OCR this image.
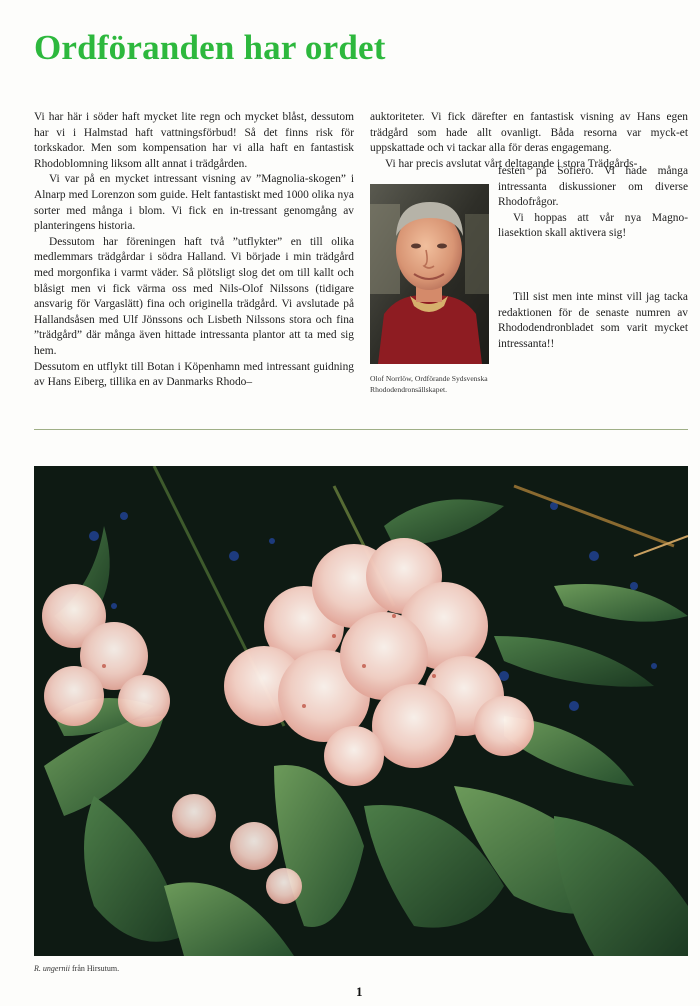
Ordföranden har ordet

Vi har här i söder haft mycket lite regn och mycket blåst, dessutom har vi i Halmstad haft vattningsförbud! Så det finns risk för torkskador. Men som kompensation har vi alla haft en fantastisk Rhodoblomning liksom allt annat i trädgården.

Vi var på en mycket intressant visning av ”Magnolia-skogen” i Alnarp med Lorenzon som guide. Helt fantastiskt med 1000 olika nya sorter med många i blom. Vi fick en in-tressant genomgång av planteringens historia.

Dessutom har föreningen haft två ”utflykter” en till olika medlemmars trädgårdar i södra Halland. Vi började i min trädgård med morgonfika i varmt väder. Så plötsligt slog det om till kallt och blåsigt men vi fick värma oss med Nils-Olof Nilssons (tidigare ansvarig för Vargaslätt) fina och originella trädgård. Vi avslutade på Hallandsåsen med Ulf Jönssons och Lisbeth Nilssons stora och fina ”trädgård” där många även hittade intressanta plantor att ta med sig hem.

Dessutom en utflykt till Botan i Köpenhamn med intressant guidning av Hans Eiberg, tillika en av Danmarks Rhodo–

auktoriteter. Vi fick därefter en fantastisk visning av Hans egen trädgård som hade allt ovanligt. Båda resorna var myck-et uppskattade och vi tackar alla för deras engagemang.

Vi har precis avslutat vårt deltagande i stora Trädgårds-

festen på Sofiero. Vi hade många intressanta diskussioner om diverse Rhodofrågor.

Vi hoppas att vår nya Magno-liasektion skall aktivera sig!

Till sist men inte minst vill jag tacka redaktionen för de senaste numren av Rhododendronbladet som varit mycket intressanta!!

Olof Norrlöw, Ordförande Sydsvenska Rhododendronsällskapet.
R. ungernii från Hirsutum.
1
